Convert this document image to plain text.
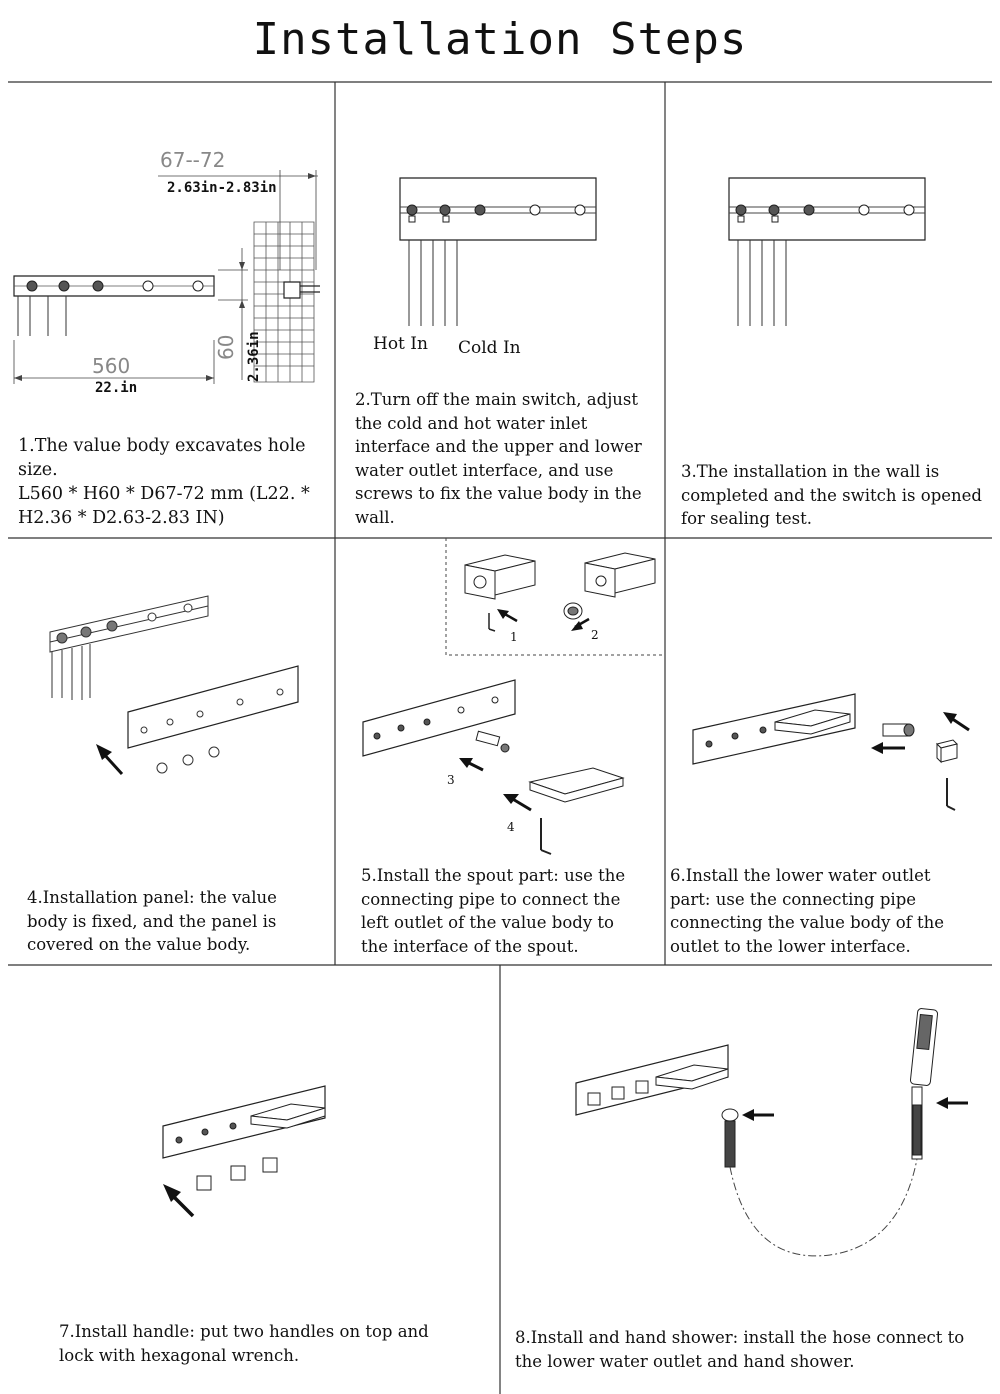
Installation Steps
67--72
2.63in-2.83in
560
22.in
60 2.36in
1.The value body excavates hole
size.
L560 * H60 * D67-72 mm (L22. *
H2.36 * D2.63-2.83 IN)
Hot In Cold In
2.Turn off the main switch, adjust
the cold and hot water inlet
interface and the upper and lower
water outlet interface, and use
screws to fix the value body in the
wall.
3.The installation in the wall is
completed and the switch is opened
for sealing test.
4.Installation panel: the value
body is fixed, and the panel is
covered on the value body.
1	2
3
4
5.Install the spout part: use the
connecting pipe to connect the
left outlet of the value body to
the interface of the spout.
6.Install the lower water outlet
part: use the connecting pipe
connecting the value body of the
outlet to the lower interface.
7.Install handle: put two handles on top and
lock with hexagonal wrench.
8.Install and hand shower: install the hose connect to
the lower water outlet and hand shower.
